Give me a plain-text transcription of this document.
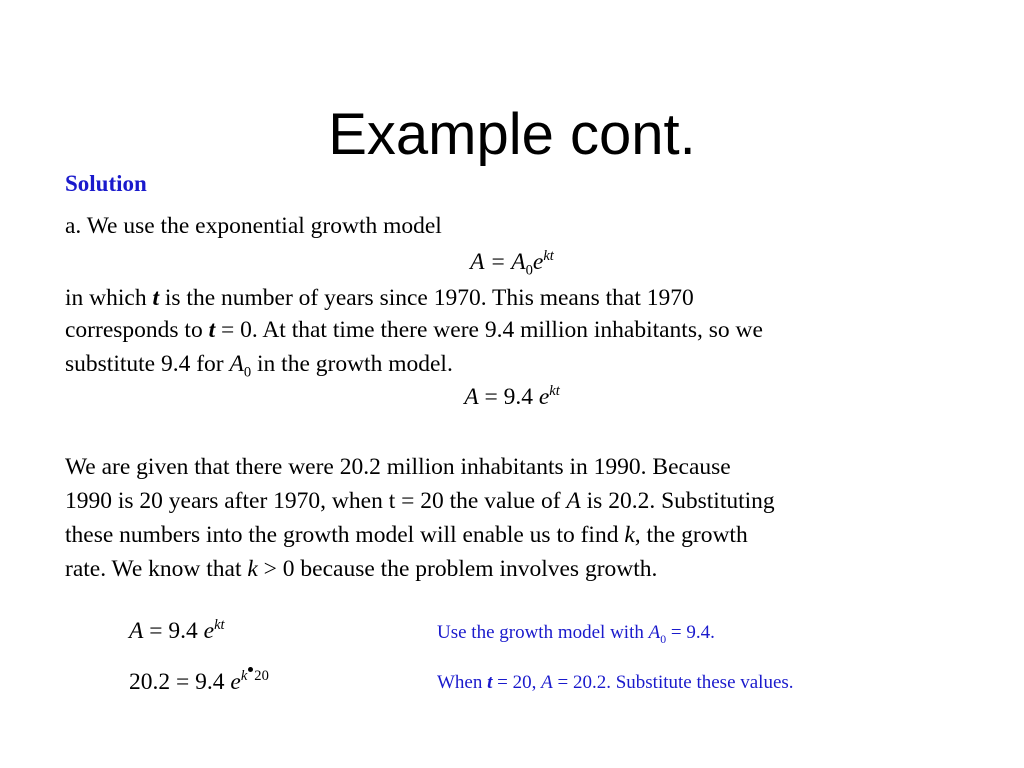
Example cont.
Solution
a. We use the exponential growth model
$A = A_0e^{kt}$
in which t is the number of years since 1970. This means that 1970
corresponds to t = 0. At that time there were 9.4 million inhabitants, so we
substitute 9.4 for $A_0$ in the growth model.
A = 9.4 $e^{kt}$
We are given that there were 20.2 million inhabitants in 1990. Because
1990 is 20 years after 1970, when t = 20 the value of A is 20.2. Substituting
these numbers into the growth model will enable us to find k, the growth
rate. We know that k > 0 because the problem involves growth.
A = 9.4 $e^{kt}$	Use the growth model with $A_0 = 9.4$.
20.2 = 9.4 $e^{k 20}$	When t = 20, A = 20.2. Substitute these values.
